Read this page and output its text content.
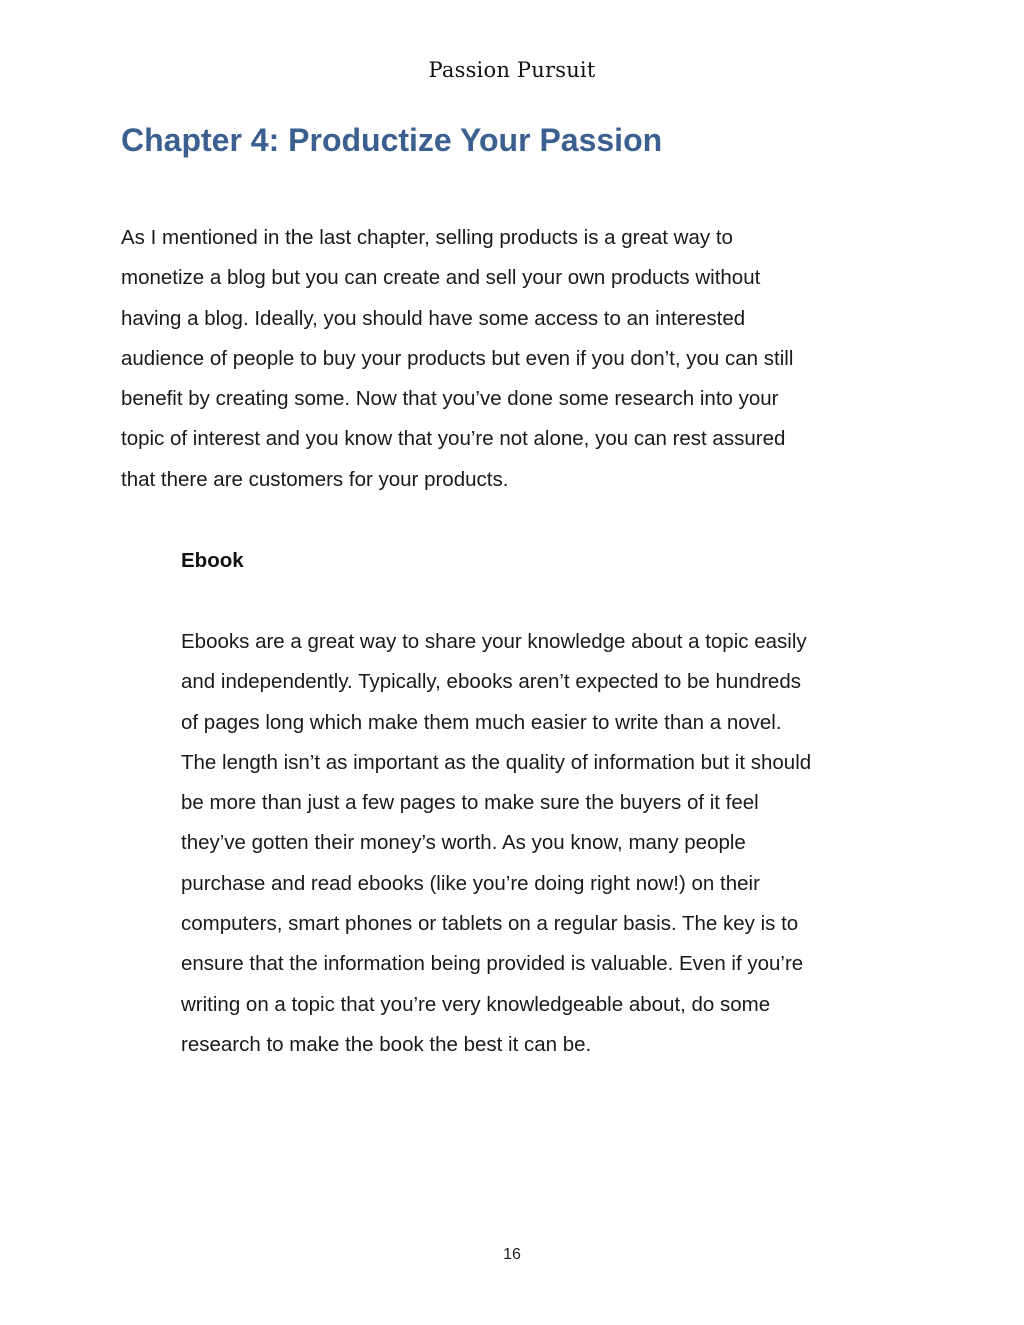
Passion Pursuit
Chapter 4: Productize Your Passion

As I mentioned in the last chapter, selling products is a great way to
monetize a blog but you can create and sell your own products without
having a blog. Ideally, you should have some access to an interested
audience of people to buy your products but even if you don’t, you can still
benefit by creating some. Now that you’ve done some research into your
topic of interest and you know that you’re not alone, you can rest assured
that there are customers for your products.

Ebook

Ebooks are a great way to share your knowledge about a topic easily
and independently. Typically, ebooks aren’t expected to be hundreds
of pages long which make them much easier to write than a novel.
The length isn’t as important as the quality of information but it should
be more than just a few pages to make sure the buyers of it feel
they’ve gotten their money’s worth. As you know, many people
purchase and read ebooks (like you’re doing right now!) on their
computers, smart phones or tablets on a regular basis. The key is to
ensure that the information being provided is valuable. Even if you’re
writing on a topic that you’re very knowledgeable about, do some
research to make the book the best it can be.

16
